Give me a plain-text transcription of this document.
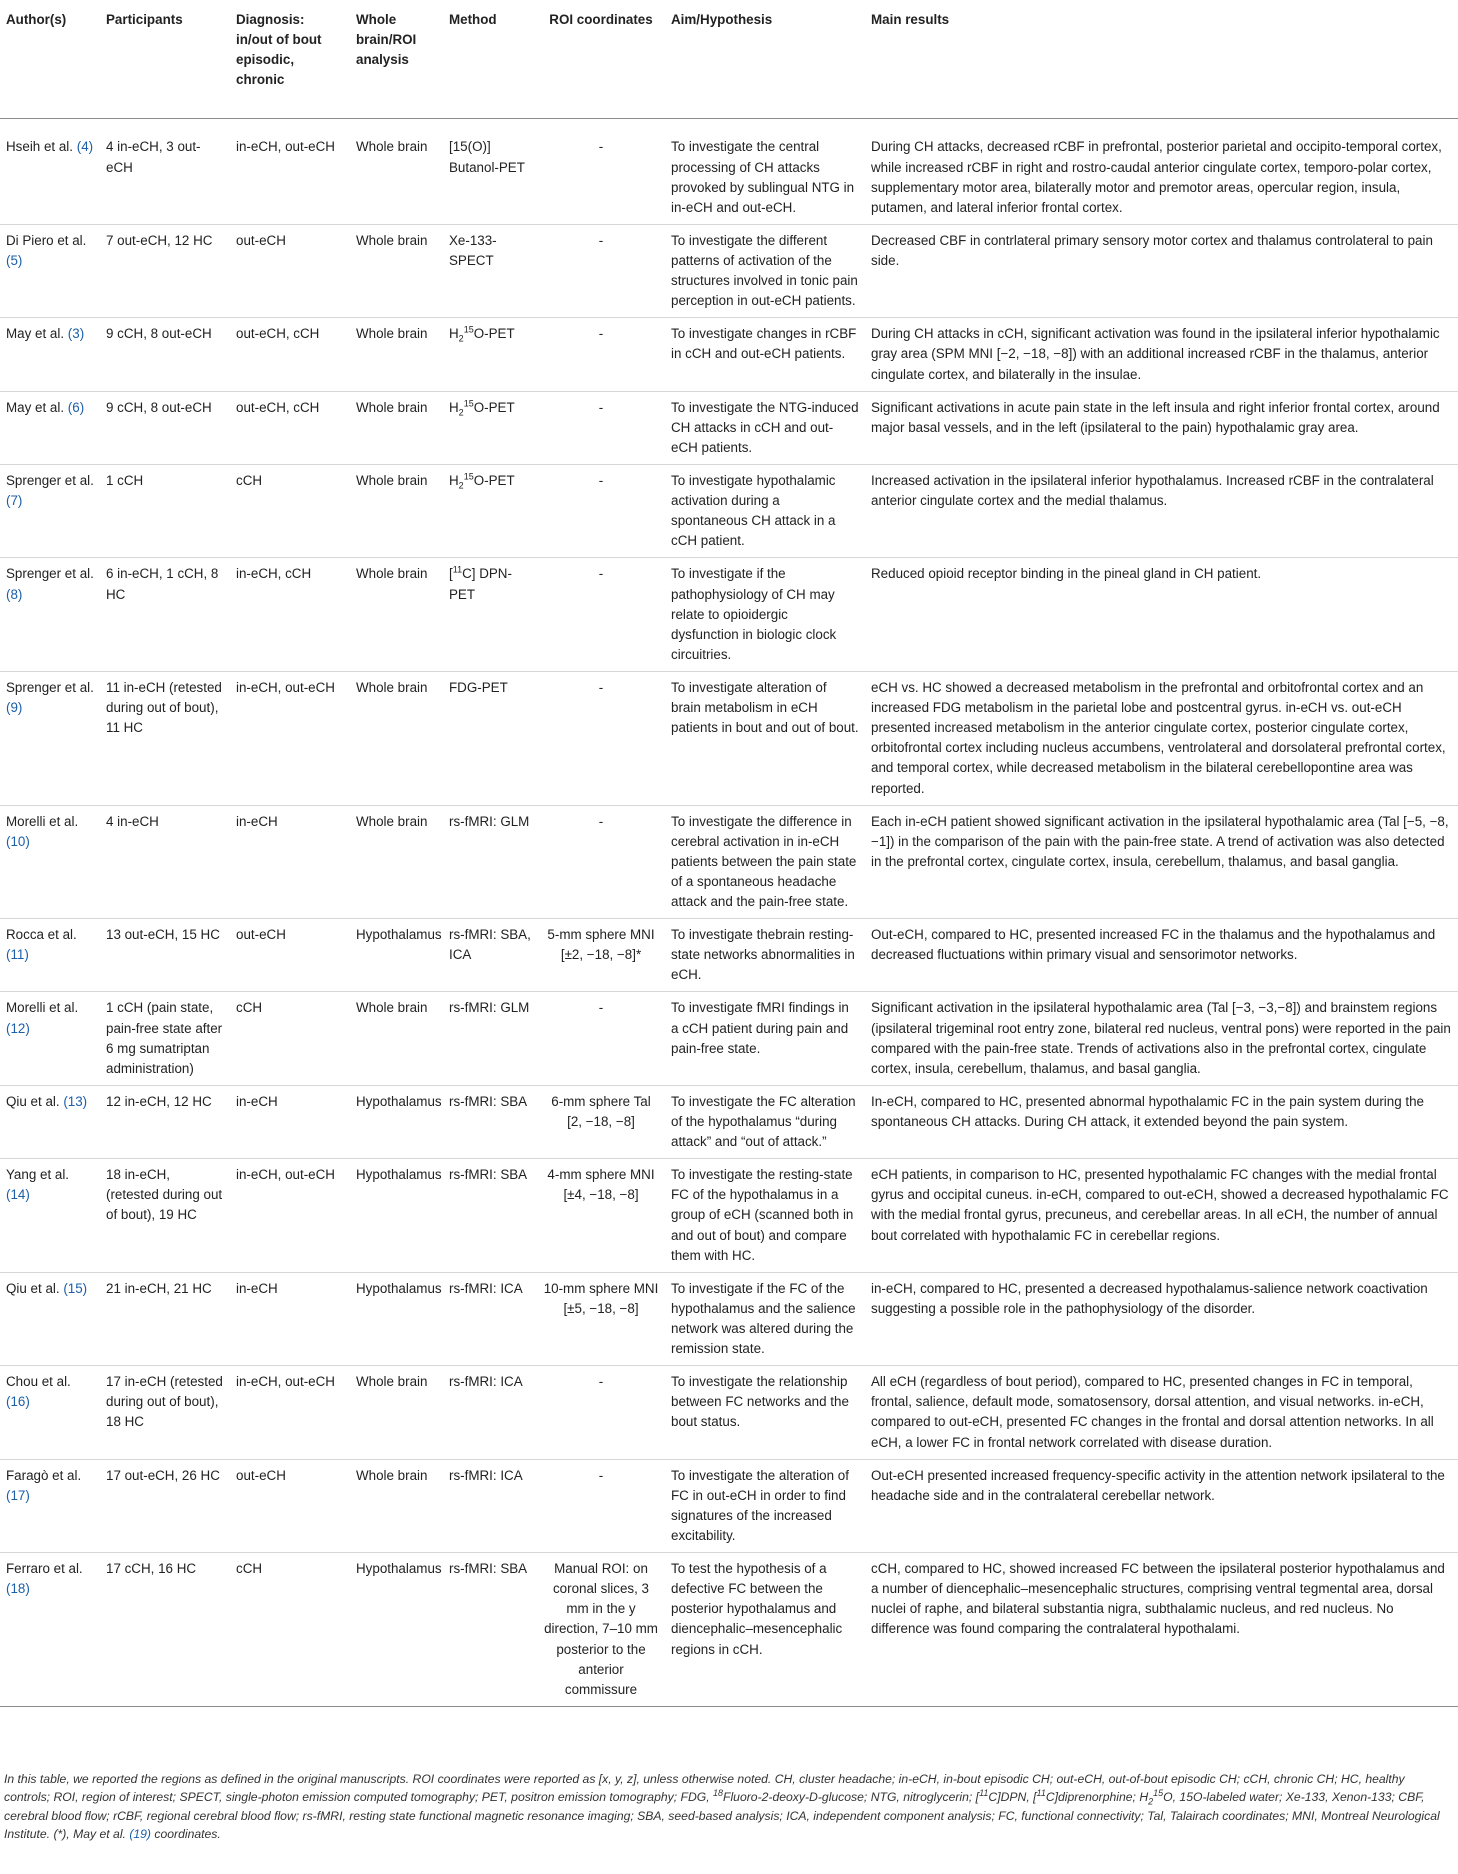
Author(s)	Participants	Diagnosis: in/out of bout episodic, chronic	Whole brain/ROI analysis	Method	ROI coordinates	Aim/Hypothesis	Main results
Hseih et al. (4)	4 in-eCH, 3 out-eCH	in-eCH, out-eCH	Whole brain	[15(O)] Butanol-PET	-	To investigate the central processing of CH attacks provoked by sublingual NTG in in-eCH and out-eCH.	During CH attacks, decreased rCBF in prefrontal, posterior parietal and occipito-temporal cortex, while increased rCBF in right and rostro-caudal anterior cingulate cortex, temporo-polar cortex, supplementary motor area, bilaterally motor and premotor areas, opercular region, insula, putamen, and lateral inferior frontal cortex.
Di Piero et al. (5)	7 out-eCH, 12 HC	out-eCH	Whole brain	Xe-133-SPECT	-	To investigate the different patterns of activation of the structures involved in tonic pain perception in out-eCH patients.	Decreased CBF in contrlateral primary sensory motor cortex and thalamus controlateral to pain side.
May et al. (3)	9 cCH, 8 out-eCH	out-eCH, cCH	Whole brain	$H_2^{15}O$-PET	-	To investigate changes in rCBF in cCH and out-eCH patients.	During CH attacks in cCH, significant activation was found in the ipsilateral inferior hypothalamic gray area (SPM MNI [−2, −18, −8]) with an additional increased rCBF in the thalamus, anterior cingulate cortex, and bilaterally in the insulae.
May et al. (6)	9 cCH, 8 out-eCH	out-eCH, cCH	Whole brain	$H_2^{15}O$-PET	-	To investigate the NTG-induced CH attacks in cCH and out-eCH patients.	Significant activations in acute pain state in the left insula and right inferior frontal cortex, around major basal vessels, and in the left (ipsilateral to the pain) hypothalamic gray area.
Sprenger et al. (7)	1 cCH	cCH	Whole brain	$H_2^{15}O$-PET	-	To investigate hypothalamic activation during a spontaneous CH attack in a cCH patient.	Increased activation in the ipsilateral inferior hypothalamus. Increased rCBF in the contralateral anterior cingulate cortex and the medial thalamus.
Sprenger et al. (8)	6 in-eCH, 1 cCH, 8 HC	in-eCH, cCH	Whole brain	[$^{11}$C] DPN-PET	-	To investigate if the pathophysiology of CH may relate to opioidergic dysfunction in biologic clock circuitries.	Reduced opioid receptor binding in the pineal gland in CH patient.
Sprenger et al. (9)	11 in-eCH (retested during out of bout), 11 HC	in-eCH, out-eCH	Whole brain	FDG-PET	-	To investigate alteration of brain metabolism in eCH patients in bout and out of bout.	eCH vs. HC showed a decreased metabolism in the prefrontal and orbitofrontal cortex and an increased FDG metabolism in the parietal lobe and postcentral gyrus. in-eCH vs. out-eCH presented increased metabolism in the anterior cingulate cortex, posterior cingulate cortex, orbitofrontal cortex including nucleus accumbens, ventrolateral and dorsolateral prefrontal cortex, and temporal cortex, while decreased metabolism in the bilateral cerebellopontine area was reported.
Morelli et al. (10)	4 in-eCH	in-eCH	Whole brain	rs-fMRI: GLM	-	To investigate the difference in cerebral activation in in-eCH patients between the pain state of a spontaneous headache attack and the pain-free state.	Each in-eCH patient showed significant activation in the ipsilateral hypothalamic area (Tal [−5, −8, −1]) in the comparison of the pain with the pain-free state. A trend of activation was also detected in the prefrontal cortex, cingulate cortex, insula, cerebellum, thalamus, and basal ganglia.
Rocca et al. (11)	13 out-eCH, 15 HC	out-eCH	Hypothalamus	rs-fMRI: SBA, ICA	5-mm sphere MNI [±2, −18, −8]*	To investigate thebrain resting-state networks abnormalities in eCH.	Out-eCH, compared to HC, presented increased FC in the thalamus and the hypothalamus and decreased fluctuations within primary visual and sensorimotor networks.
Morelli et al. (12)	1 cCH (pain state, pain-free state after 6 mg sumatriptan administration)	cCH	Whole brain	rs-fMRI: GLM	-	To investigate fMRI findings in a cCH patient during pain and pain-free state.	Significant activation in the ipsilateral hypothalamic area (Tal [−3, −3,−8]) and brainstem regions (ipsilateral trigeminal root entry zone, bilateral red nucleus, ventral pons) were reported in the pain compared with the pain-free state. Trends of activations also in the prefrontal cortex, cingulate cortex, insula, cerebellum, thalamus, and basal ganglia.
Qiu et al. (13)	12 in-eCH, 12 HC	in-eCH	Hypothalamus	rs-fMRI: SBA	6-mm sphere Tal [2, −18, −8]	To investigate the FC alteration of the hypothalamus “during attack” and “out of attack.”	In-eCH, compared to HC, presented abnormal hypothalamic FC in the pain system during the spontaneous CH attacks. During CH attack, it extended beyond the pain system.
Yang et al. (14)	18 in-eCH, (retested during out of bout), 19 HC	in-eCH, out-eCH	Hypothalamus	rs-fMRI: SBA	4-mm sphere MNI [±4, −18, −8]	To investigate the resting-state FC of the hypothalamus in a group of eCH (scanned both in and out of bout) and compare them with HC.	eCH patients, in comparison to HC, presented hypothalamic FC changes with the medial frontal gyrus and occipital cuneus. in-eCH, compared to out-eCH, showed a decreased hypothalamic FC with the medial frontal gyrus, precuneus, and cerebellar areas. In all eCH, the number of annual bout correlated with hypothalamic FC in cerebellar regions.
Qiu et al. (15)	21 in-eCH, 21 HC	in-eCH	Hypothalamus	rs-fMRI: ICA	10-mm sphere MNI [±5, −18, −8]	To investigate if the FC of the hypothalamus and the salience network was altered during the remission state.	in-eCH, compared to HC, presented a decreased hypothalamus-salience network coactivation suggesting a possible role in the pathophysiology of the disorder.
Chou et al. (16)	17 in-eCH (retested during out of bout), 18 HC	in-eCH, out-eCH	Whole brain	rs-fMRI: ICA	-	To investigate the relationship between FC networks and the bout status.	All eCH (regardless of bout period), compared to HC, presented changes in FC in temporal, frontal, salience, default mode, somatosensory, dorsal attention, and visual networks. in-eCH, compared to out-eCH, presented FC changes in the frontal and dorsal attention networks. In all eCH, a lower FC in frontal network correlated with disease duration.
Faragò et al. (17)	17 out-eCH, 26 HC	out-eCH	Whole brain	rs-fMRI: ICA	-	To investigate the alteration of FC in out-eCH in order to find signatures of the increased excitability.	Out-eCH presented increased frequency-specific activity in the attention network ipsilateral to the headache side and in the contralateral cerebellar network.
Ferraro et al. (18)	17 cCH, 16 HC	cCH	Hypothalamus	rs-fMRI: SBA	Manual ROI: on coronal slices, 3 mm in the y direction, 7–10 mm posterior to the anterior commissure	To test the hypothesis of a defective FC between the posterior hypothalamus and diencephalic–mesencephalic regions in cCH.	cCH, compared to HC, showed increased FC between the ipsilateral posterior hypothalamus and a number of diencephalic–mesencephalic structures, comprising ventral tegmental area, dorsal nuclei of raphe, and bilateral substantia nigra, subthalamic nucleus, and red nucleus. No difference was found comparing the contralateral hypothalami.
In this table, we reported the regions as defined in the original manuscripts. ROI coordinates were reported as [x, y, z], unless otherwise noted. CH, cluster headache; in-eCH, in-bout episodic CH; out-eCH, out-of-bout episodic CH; cCH, chronic CH; HC, healthy controls; ROI, region of interest; SPECT, single-photon emission computed tomography; PET, positron emission tomography; FDG, $^{18}$Fluoro-2-deoxy-D-glucose; NTG, nitroglycerin; [$^{11}$C]DPN, [$^{11}$C]diprenorphine; $H_2^{15}O$, 15O-labeled water; Xe-133, Xenon-133; CBF, cerebral blood flow; rCBF, regional cerebral blood flow; rs-fMRI, resting state functional magnetic resonance imaging; SBA, seed-based analysis; ICA, independent component analysis; FC, functional connectivity; Tal, Talairach coordinates; MNI, Montreal Neurological Institute. (*), May et al. (19) coordinates.
